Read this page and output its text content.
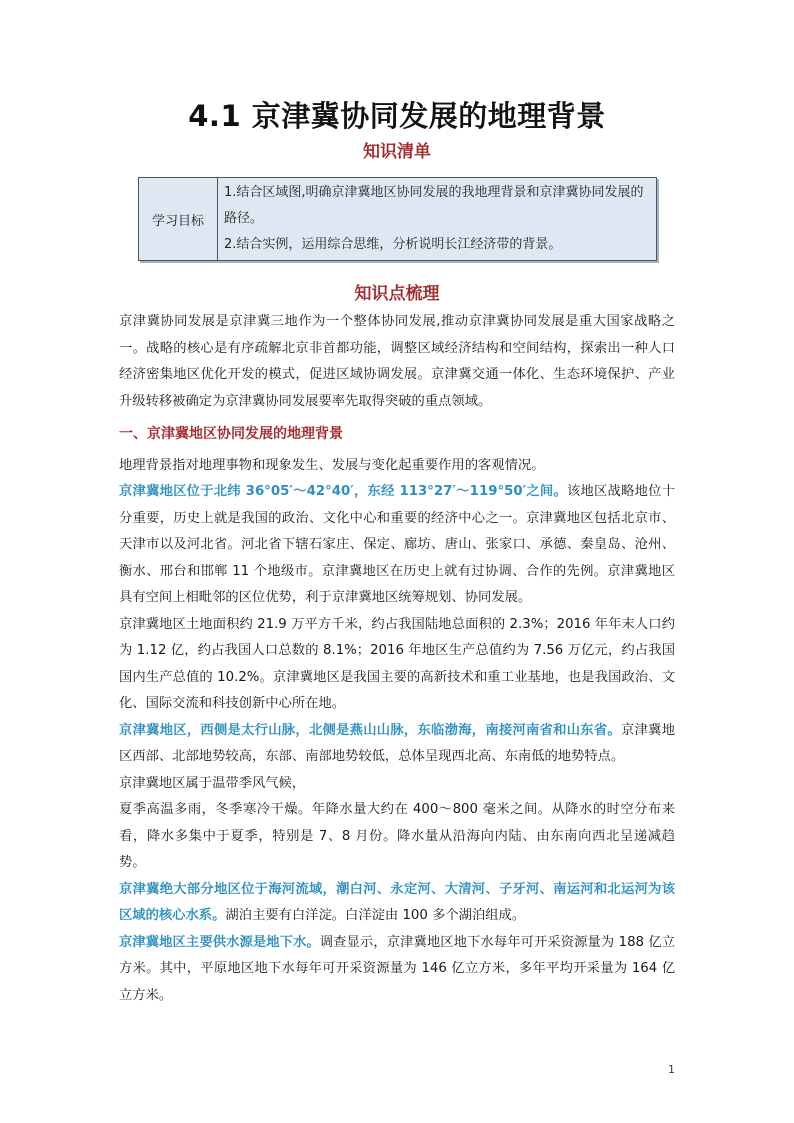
4.1 京津冀协同发展的地理背景
知识清单
学习目标
1.结合区域图,明确京津冀地区协同发展的我地理背景和京津冀协同发展的路径。
2.结合实例，运用综合思维，分析说明长江经济带的背景。
知识点梳理

京津冀协同发展是京津冀三地作为一个整体协同发展,推动京津冀协同发展是重大国家战略之一。战略的核心是有序疏解北京非首都功能，调整区域经济结构和空间结构，探索出一种人口经济密集地区优化开发的模式，促进区域协调发展。京津冀交通一体化、生态环境保护、产业升级转移被确定为京津冀协同发展要率先取得突破的重点领域。

一、京津冀地区协同发展的地理背景

地理背景指对地理事物和现象发生、发展与变化起重要作用的客观情况。

京津冀地区位于北纬 36°05′～42°40′，东经 113°27′～119°50′之间。该地区战略地位十分重要，历史上就是我国的政治、文化中心和重要的经济中心之一。京津冀地区包括北京市、天津市以及河北省。河北省下辖石家庄、保定、廊坊、唐山、张家口、承德、秦皇岛、沧州、衡水、邢台和邯郸 11 个地级市。京津冀地区在历史上就有过协调、合作的先例。京津冀地区具有空间上相毗邻的区位优势，利于京津冀地区统筹规划、协同发展。

京津冀地区土地面积约 21.9 万平方千米，约占我国陆地总面积的 2.3%；2016 年年末人口约为 1.12 亿，约占我国人口总数的 8.1%；2016 年地区生产总值约为 7.56 万亿元，约占我国国内生产总值的 10.2%。京津冀地区是我国主要的高新技术和重工业基地，也是我国政治、文化、国际交流和科技创新中心所在地。

京津冀地区，西侧是太行山脉，北侧是燕山山脉，东临渤海，南接河南省和山东省。京津冀地区西部、北部地势较高，东部、南部地势较低，总体呈现西北高、东南低的地势特点。

京津冀地区属于温带季风气候，

夏季高温多雨，冬季寒冷干燥。年降水量大约在 400～800 毫米之间。从降水的时空分布来看，降水多集中于夏季，特别是 7、8 月份。降水量从沿海向内陆、由东南向西北呈递减趋势。

京津冀绝大部分地区位于海河流域，潮白河、永定河、大清河、子牙河、南运河和北运河为该区域的核心水系。湖泊主要有白洋淀。白洋淀由 100 多个湖泊组成。

京津冀地区主要供水源是地下水。调查显示，京津冀地区地下水每年可开采资源量为 188 亿立方米。其中，平原地区地下水每年可开采资源量为 146 亿立方米，多年平均开采量为 164 亿立方米。

1
